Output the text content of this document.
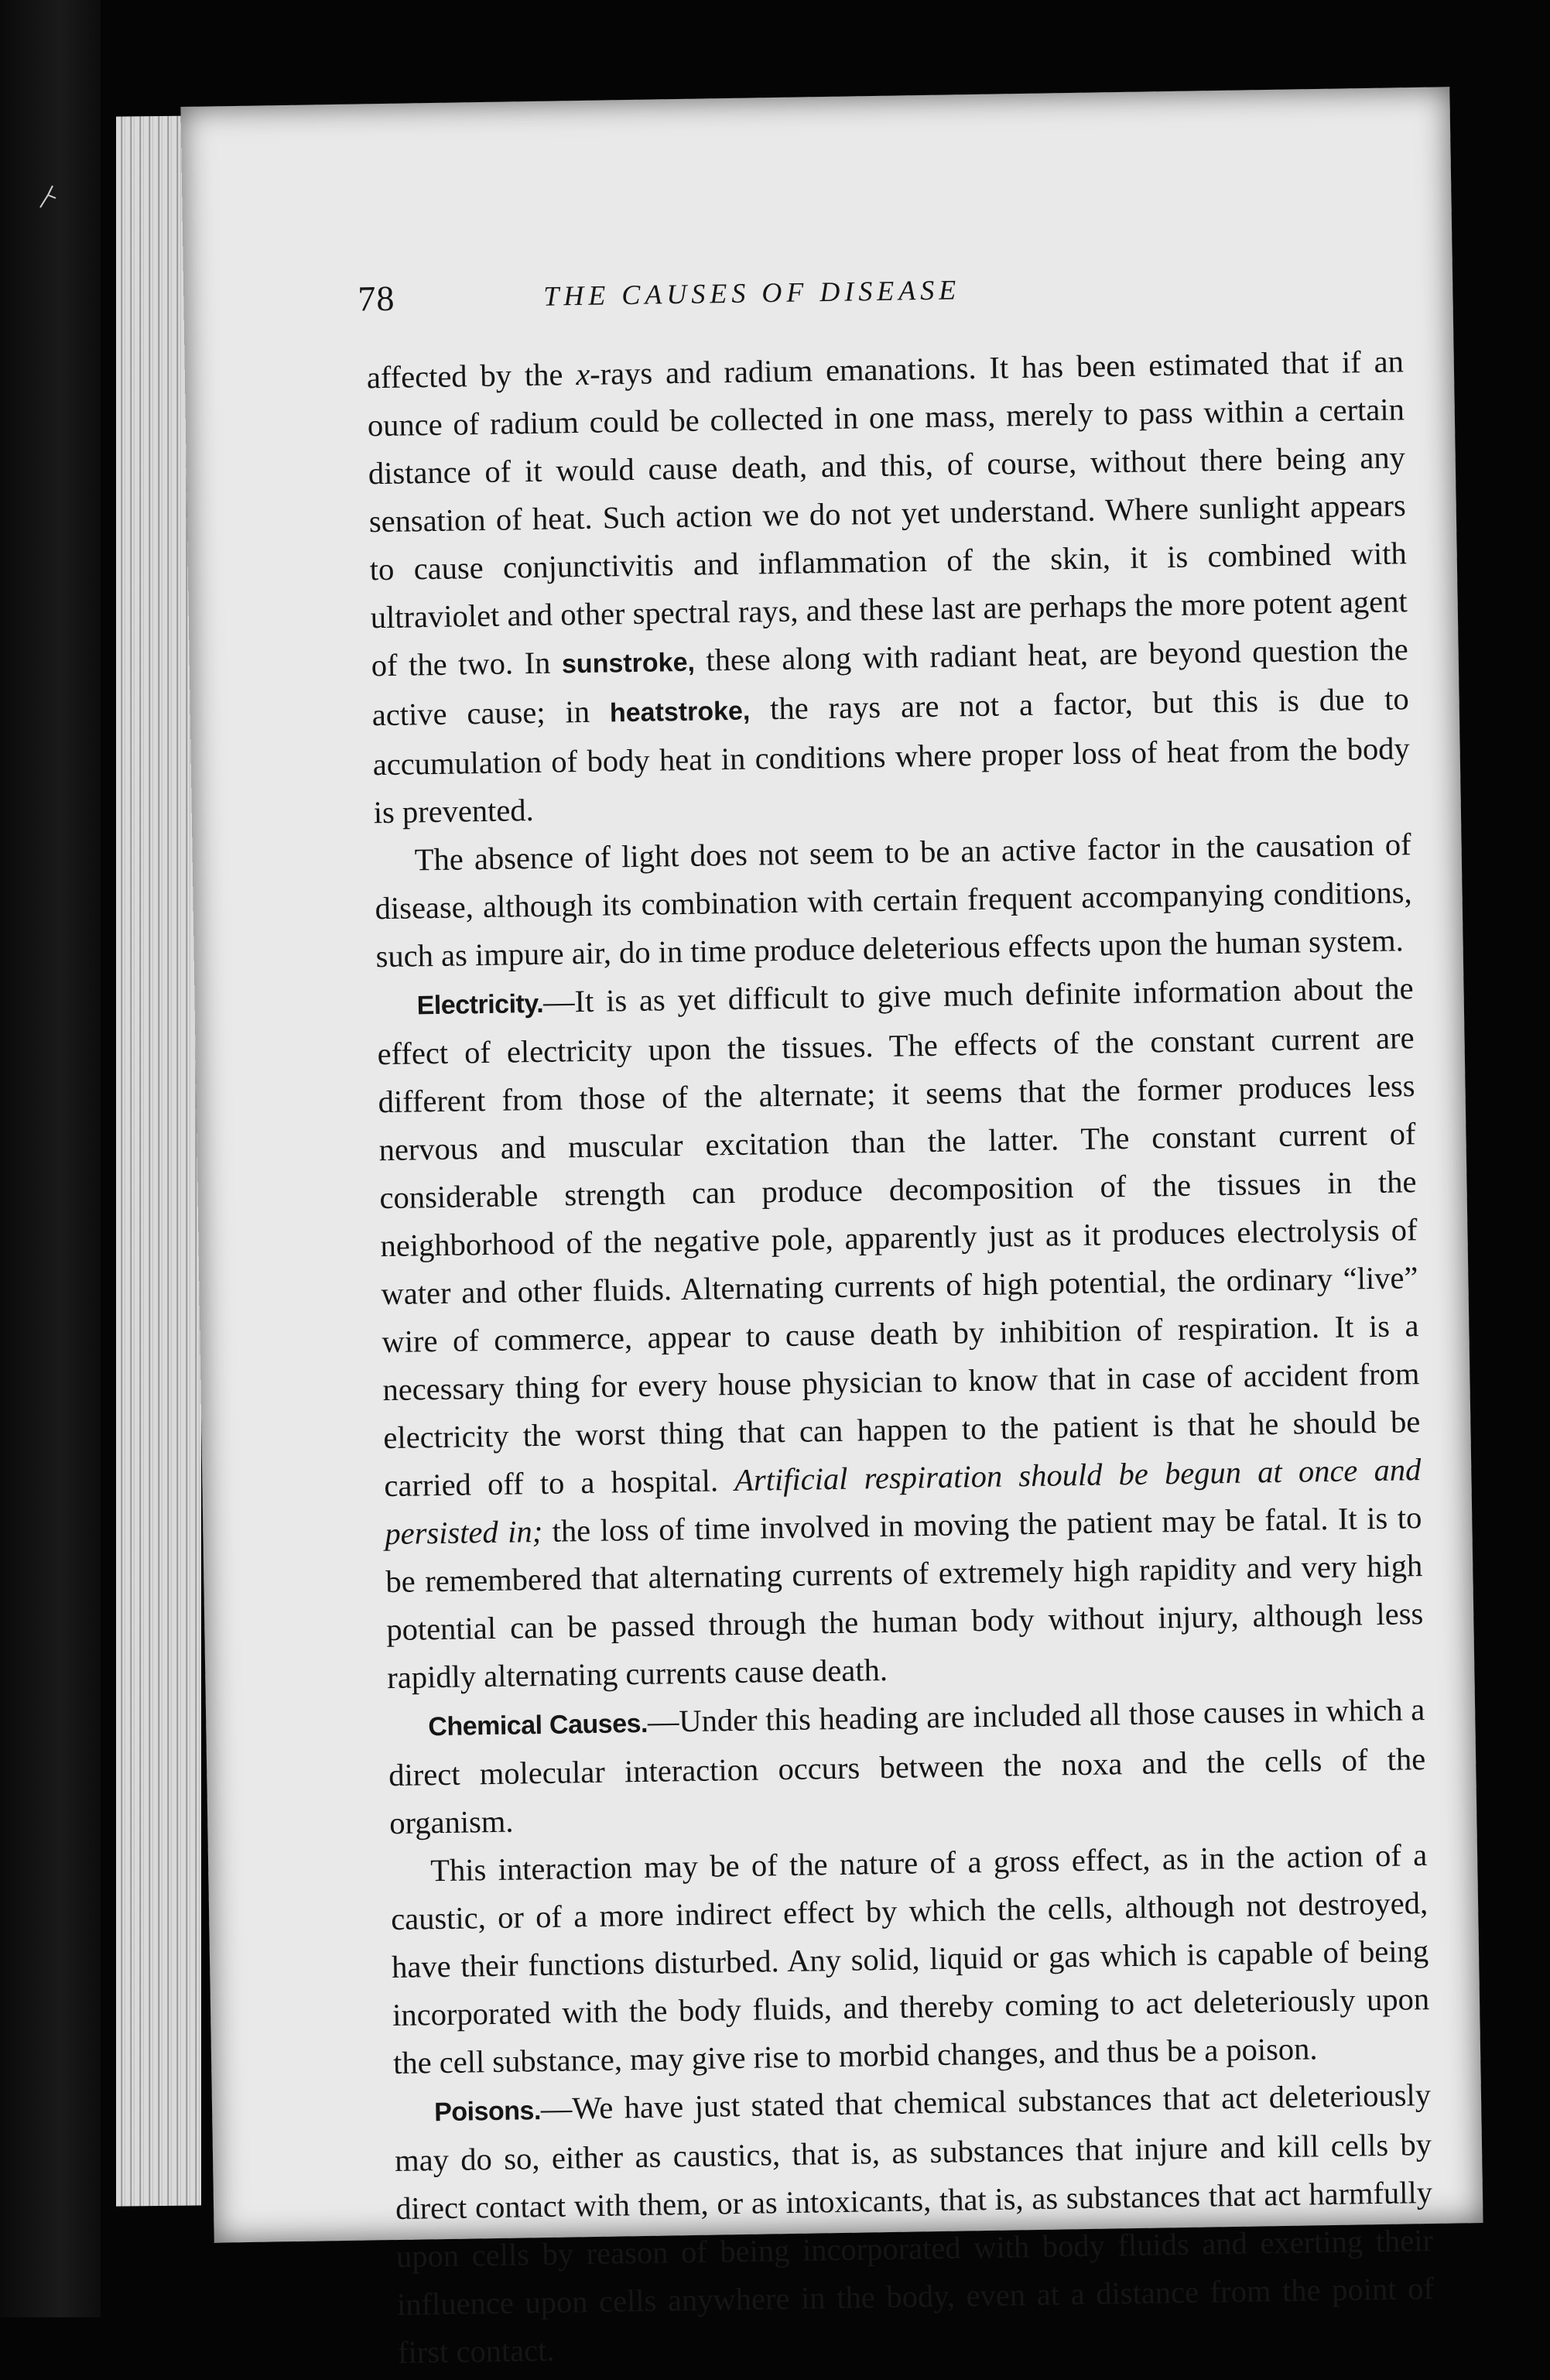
78	THE CAUSES OF DISEASE

affected by the x-rays and radium emanations. It has been estimated that if an ounce of radium could be collected in one mass, merely to pass within a certain distance of it would cause death, and this, of course, without there being any sensation of heat. Such action we do not yet understand. Where sunlight appears to cause conjunctivitis and inflammation of the skin, it is combined with ultraviolet and other spectral rays, and these last are perhaps the more potent agent of the two. In sunstroke, these along with radiant heat, are beyond question the active cause; in heatstroke, the rays are not a factor, but this is due to accumulation of body heat in conditions where proper loss of heat from the body is prevented.

The absence of light does not seem to be an active factor in the causation of disease, although its combination with certain frequent accompanying conditions, such as impure air, do in time produce deleterious effects upon the human system.

Electricity.—It is as yet difficult to give much definite information about the effect of electricity upon the tissues. The effects of the constant current are different from those of the alternate; it seems that the former produces less nervous and muscular excitation than the latter. The constant current of considerable strength can produce decomposition of the tissues in the neighborhood of the negative pole, apparently just as it produces electrolysis of water and other fluids. Alternating currents of high potential, the ordinary “live” wire of commerce, appear to cause death by inhibition of respiration. It is a necessary thing for every house physician to know that in case of accident from electricity the worst thing that can happen to the patient is that he should be carried off to a hospital. Artificial respiration should be begun at once and persisted in; the loss of time involved in moving the patient may be fatal. It is to be remembered that alternating currents of extremely high rapidity and very high potential can be passed through the human body without injury, although less rapidly alternating currents cause death.

Chemical Causes.—Under this heading are included all those causes in which a direct molecular interaction occurs between the noxa and the cells of the organism.

This interaction may be of the nature of a gross effect, as in the action of a caustic, or of a more indirect effect by which the cells, although not destroyed, have their functions disturbed. Any solid, liquid or gas which is capable of being incorporated with the body fluids, and thereby coming to act deleteriously upon the cell substance, may give rise to morbid changes, and thus be a poison.

Poisons.—We have just stated that chemical substances that act deleteriously may do so, either as caustics, that is, as substances that injure and kill cells by direct contact with them, or as intoxicants, that is, as substances that act harmfully upon cells by reason of being incorporated with body fluids and exerting their influence upon cells anywhere in the body, even at a distance from the point of first contact.
